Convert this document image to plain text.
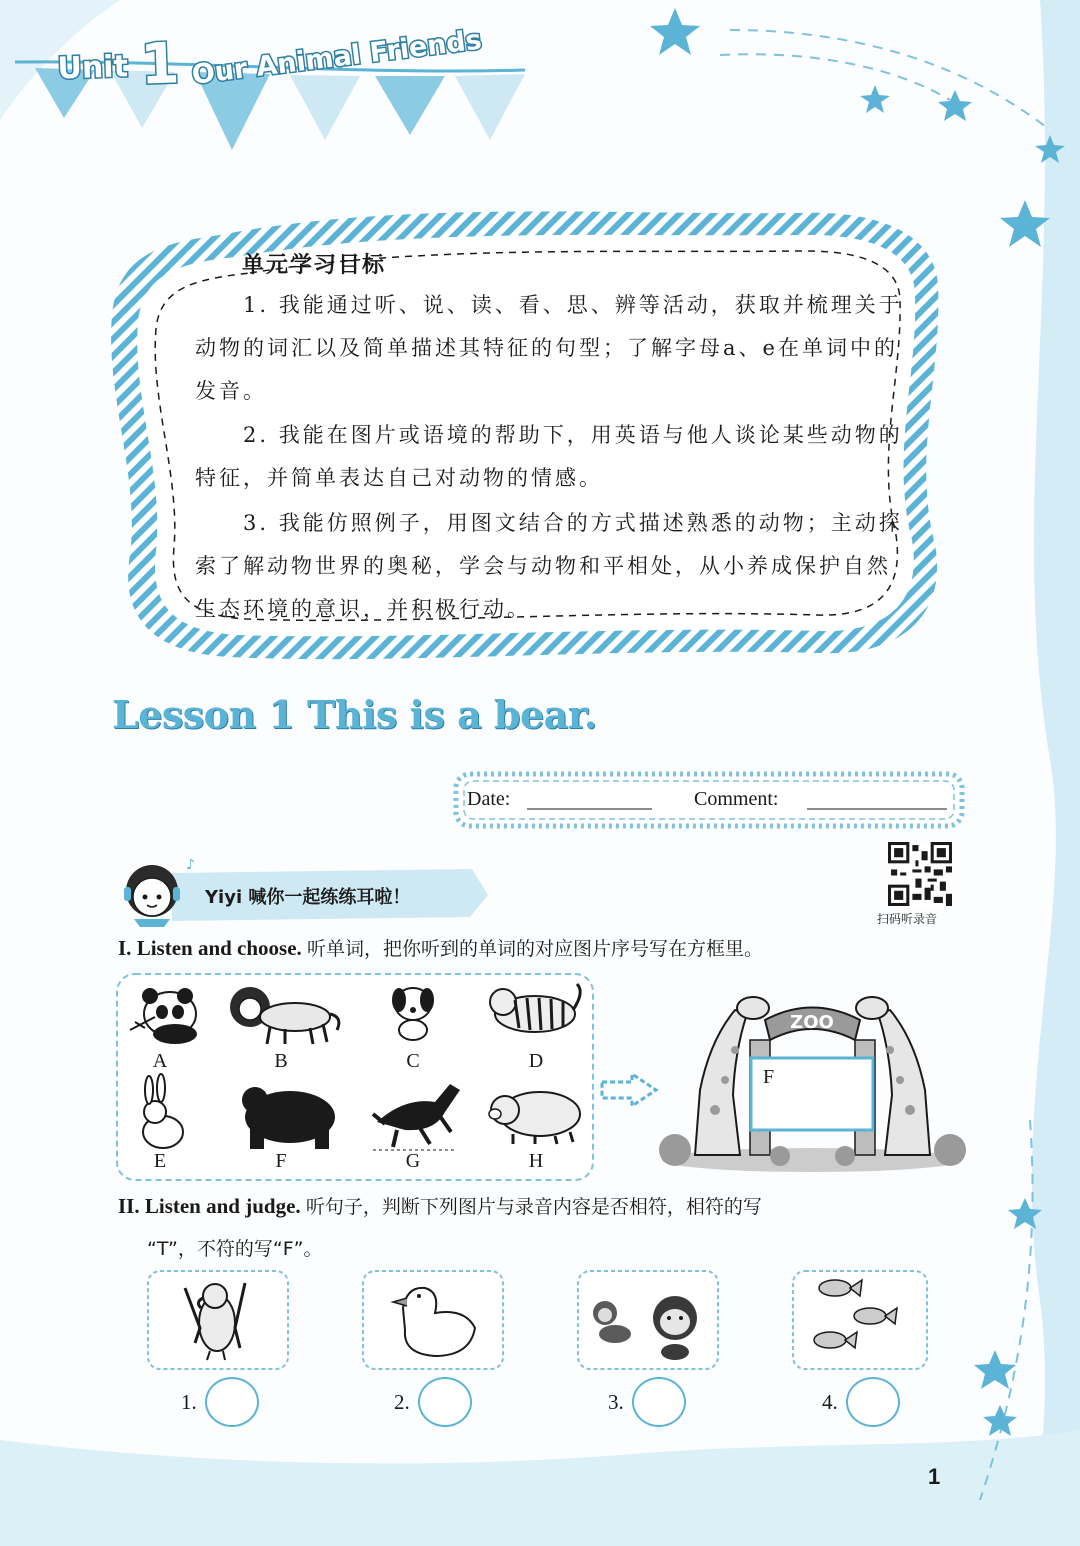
Unit 1 Our Animal Friends
单元学习目标

1. 我能通过听、说、读、看、思、辨等活动，获取并梳理关于动物的词汇以及简单描述其特征的句型；了解字母a、e在单词中的发音。

2. 我能在图片或语境的帮助下，用英语与他人谈论某些动物的特征，并简单表达自己对动物的情感。

3. 我能仿照例子，用图文结合的方式描述熟悉的动物；主动探索了解动物世界的奥秘，学会与动物和平相处，从小养成保护自然生态环境的意识，并积极行动。

Lesson 1 This is a bear.
Date:	Comment:
♪
Yiyi 喊你一起练练耳啦！
扫码听录音
I. Listen and choose. 听单词，把你听到的单词的对应图片序号写在方框里。
A	B	C	D
E	F	G	H
ZOO
F
II. Listen and judge. 听句子，判断下列图片与录音内容是否相符，相符的写
“T”，不符的写“F”。
1.	2.	3.	4.
1
